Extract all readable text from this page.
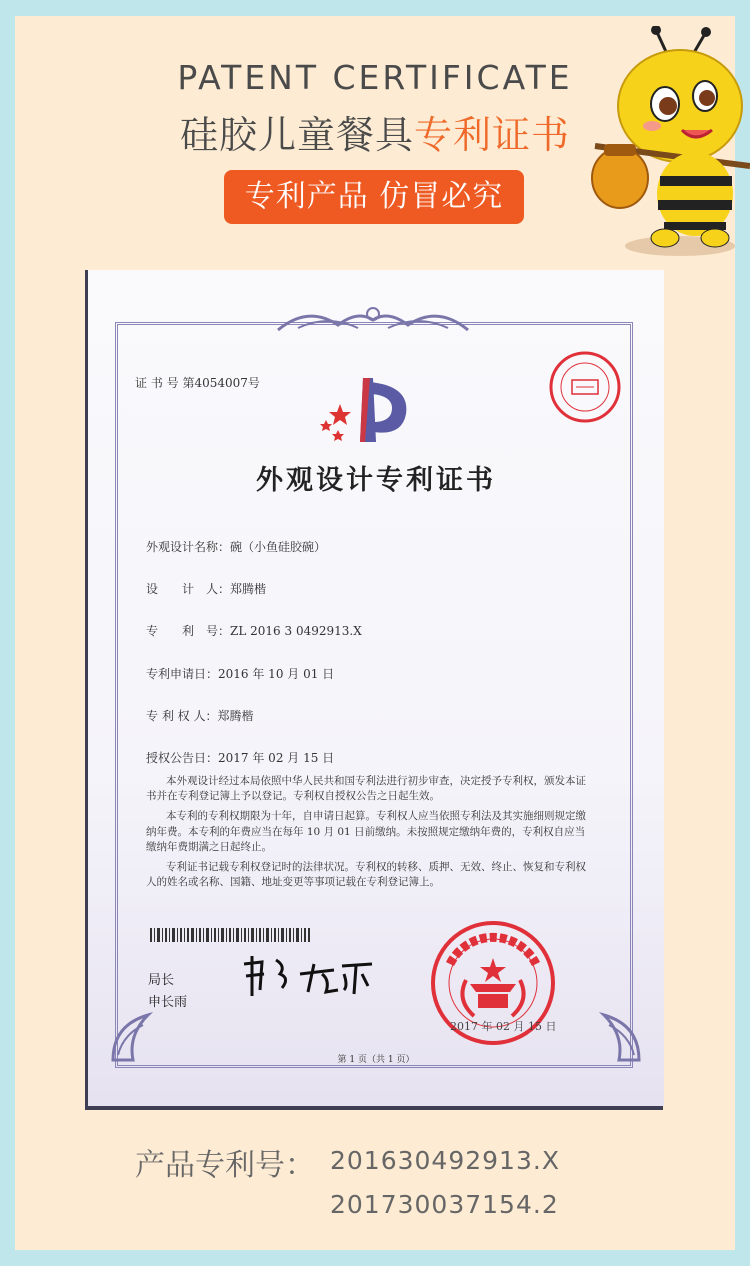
PATENT CERTIFICATE
硅胶儿童餐具专利证书
专利产品 仿冒必究
证 书 号 第4054007号
外观设计专利证书
外观设计名称：碗（小鱼硅胶碗）
设　　计　人：郑腾楷
专　　利　号：ZL 2016 3 0492913.X
专利申请日：2016 年 10 月 01 日
专 利 权 人：郑腾楷
授权公告日：2017 年 02 月 15 日

本外观设计经过本局依照中华人民共和国专利法进行初步审查，决定授予专利权，颁发本证书并在专利登记簿上予以登记。专利权自授权公告之日起生效。

本专利的专利权期限为十年，自申请日起算。专利权人应当依照专利法及其实施细则规定缴纳年费。本专利的年费应当在每年 10 月 01 日前缴纳。未按照规定缴纳年费的，专利权自应当缴纳年费期满之日起终止。

专利证书记载专利权登记时的法律状况。专利权的转移、质押、无效、终止、恢复和专利权人的姓名或名称、国籍、地址变更等事项记载在专利登记簿上。

局长
申长雨
2017 年 02 月 15 日
第 1 页（共 1 页）
产品专利号： 201630492913.X
201730037154.2
